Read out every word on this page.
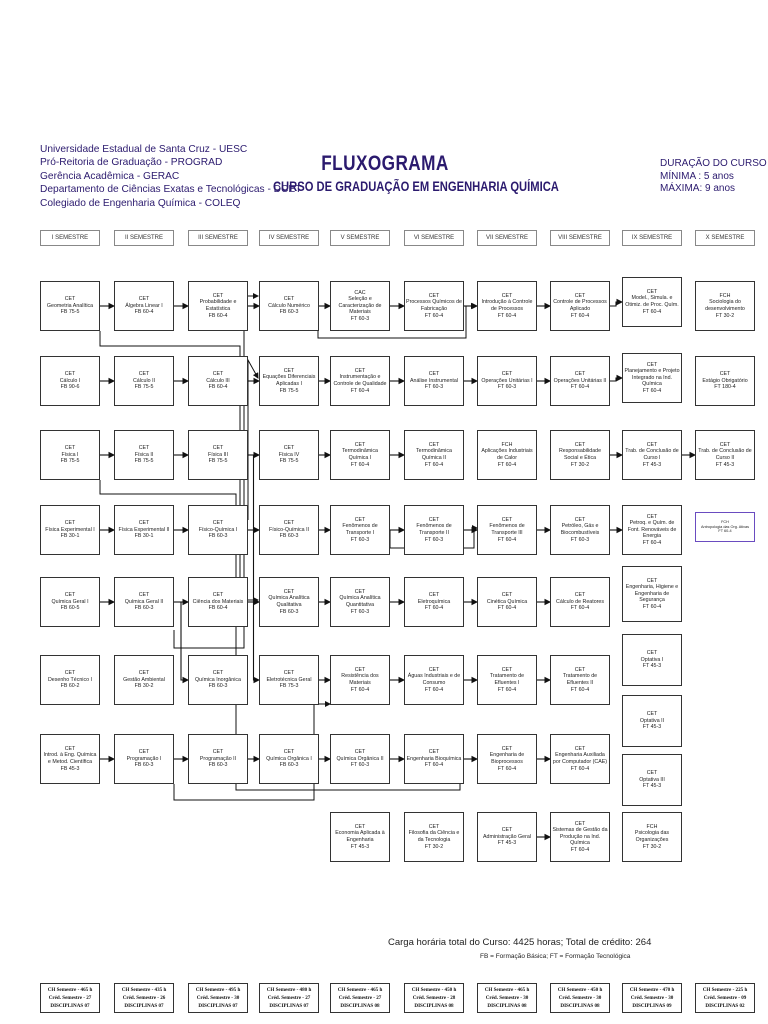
Universidade Estadual de Santa Cruz - UESC
Pró-Reitoria de Graduação - PROGRAD
Gerência Acadêmica - GERAC
Departamento de Ciências Exatas e Tecnológicas - DCET
Colegiado de Engenharia Química - COLEQ
FLUXOGRAMA
CURSO DE GRADUAÇÃO EM ENGENHARIA QUÍMICA
DURAÇÃO DO CURSO
MÍNIMA : 5 anos
MÁXIMA: 9 anos
I SEMESTRE	II SEMESTRE	III SEMESTRE	IV SEMESTRE	V SEMESTRE	VI SEMESTRE	VII SEMESTRE	VIII SEMESTRE	IX SEMESTRE	X SEMESTRE
CET
Geometria Analítica
FB 75-5
CET
Cálculo I
FB 90-6
CET
Física I
FB 75-5
CET
Física Experimental I
FB 30-1
CET
Química Geral I
FB 60-5
CET
Desenho Técnico I
FB 60-2
CET
Introd. à Eng. Química e Metod. Científica
FB 45-3
CET
Álgebra Linear I
FB 60-4
CET
Cálculo II
FB 75-5
CET
Física II
FB 75-5
CET
Física Experimental II
FB 30-1
CET
Química Geral II
FB 60-3
CET
Gestão Ambiental
FB 30-2
CET
Programação I
FB 60-3
CET
Probabilidade e Estatística
FB 60-4
CET
Cálculo III
FB 60-4
CET
Física III
FB 75-5
CET
Físico-Química I
FB 60-3
CET
Ciência dos Materiais
FB 60-4
CET
Química Inorgânica
FB 60-3
CET
Programação II
FB 60-3
CET
Cálculo Numérico
FB 60-3
CET
Equações Diferenciais Aplicadas I
FB 75-5
CET
Física IV
FB 75-5
CET
Físico-Química II
FB 60-3
CET
Química Analítica Qualitativa
FB 60-3
CET
Eletrotécnica Geral
FB 75-3
CET
Química Orgânica I
FB 60-3
CAC
Seleção e Caracterização de Materiais
FT 60-3
CET
Instrumentação e Controle de Qualidade
FT 60-4
CET
Termodinâmica Química I
FT 60-4
CET
Fenômenos de Transporte I
FT 60-3
CET
Química Analítica Quantitativa
FT 60-3
CET
Resistência dos Materiais
FT 60-4
CET
Química Orgânica II
FT 60-3
CET
Economia Aplicada à Engenharia
FT 45-3
CET
Processos Químicos de Fabricação
FT 60-4
CET
Análise Instrumental
FT 60-3
CET
Termodinâmica Química II
FT 60-4
CET
Fenômenos de Transporte II
FT 60-3
CET
Eletroquímica
FT 60-4
CET
Águas Industriais e de Consumo
FT 60-4
CET
Engenharia Bioquímica
FT 60-4
CET
Filosofia da Ciência e da Tecnologia
FT 30-2
CET
Introdução à Controle de Processos
FT 60-4
CET
Operações Unitárias I
FT 60-3
FCH
Aplicações Industriais de Calor
FT 60-4
CET
Fenômenos de Transporte III
FT 60-4
CET
Cinética Química
FT 60-4
CET
Tratamento de Efluentes I
FT 60-4
CET
Engenharia de Bioprocessos
FT 60-4
CET
Administração Geral
FT 45-3
CET
Controle de Processos Aplicado
FT 60-4
CET
Operações Unitárias II
FT 60-4
CET
Responsabilidade Social e Ética
FT 30-2
CET
Petróleo, Gás e Biocombustíveis
FT 60-3
CET
Cálculo de Reatores
FT 60-4
CET
Tratamento de Efluentes II
FT 60-4
CET
Engenharia Auxiliada por Computador (CAE)
FT 60-4
CET
Sistemas de Gestão da Produção na Ind. Química
FT 60-4
CET
Model., Simula. e Otimiz. de Proc. Quím.
FT 60-4
CET
Planejamento e Projeto Integrado na Ind. Química
FT 60-4
CET
Trab. de Conclusão de Curso I
FT 45-3
CET
Petroq. e Quím. de Font. Renováveis de Energia
FT 60-4
CET
Engenharia, Higiene e Engenharia de Segurança
FT 60-4
CET
Optativa I
FT 45-3
CET
Optativa II
FT 45-3
CET
Optativa III
FT 45-3
FCH
Psicologia das Organizações
FT 30-2
FCH
Sociologia do desenvolvimento
FT 30-2
CET
Estágio Obrigatório
FT 180-4
CET
Trab. de Conclusão de Curso II
FT 45-3
FCH
Antropologia das Org. Ativas
FT 60-4
CH Semestre - 465 h
Créd. Semestre - 27
DISCIPLINAS 07
CH Semestre - 435 h
Créd. Semestre - 26
DISCIPLINAS 07
CH Semestre - 495 h
Créd. Semestre - 30
DISCIPLINAS 07
CH Semestre - 480 h
Créd. Semestre - 27
DISCIPLINAS 07
CH Semestre - 465 h
Créd. Semestre - 27
DISCIPLINAS 08
CH Semestre - 450 h
Créd. Semestre - 28
DISCIPLINAS 08
CH Semestre - 465 h
Créd. Semestre - 30
DISCIPLINAS 08
CH Semestre - 450 h
Créd. Semestre - 30
DISCIPLINAS 08
CH Semestre - 470 h
Créd. Semestre - 30
DISCIPLINAS 09
CH Semestre - 225 h
Créd. Semestre - 09
DISCIPLINAS 02
Carga horária total do Curso: 4425 horas; Total de crédito: 264
FB = Formação Básica; FT = Formação Tecnológica
